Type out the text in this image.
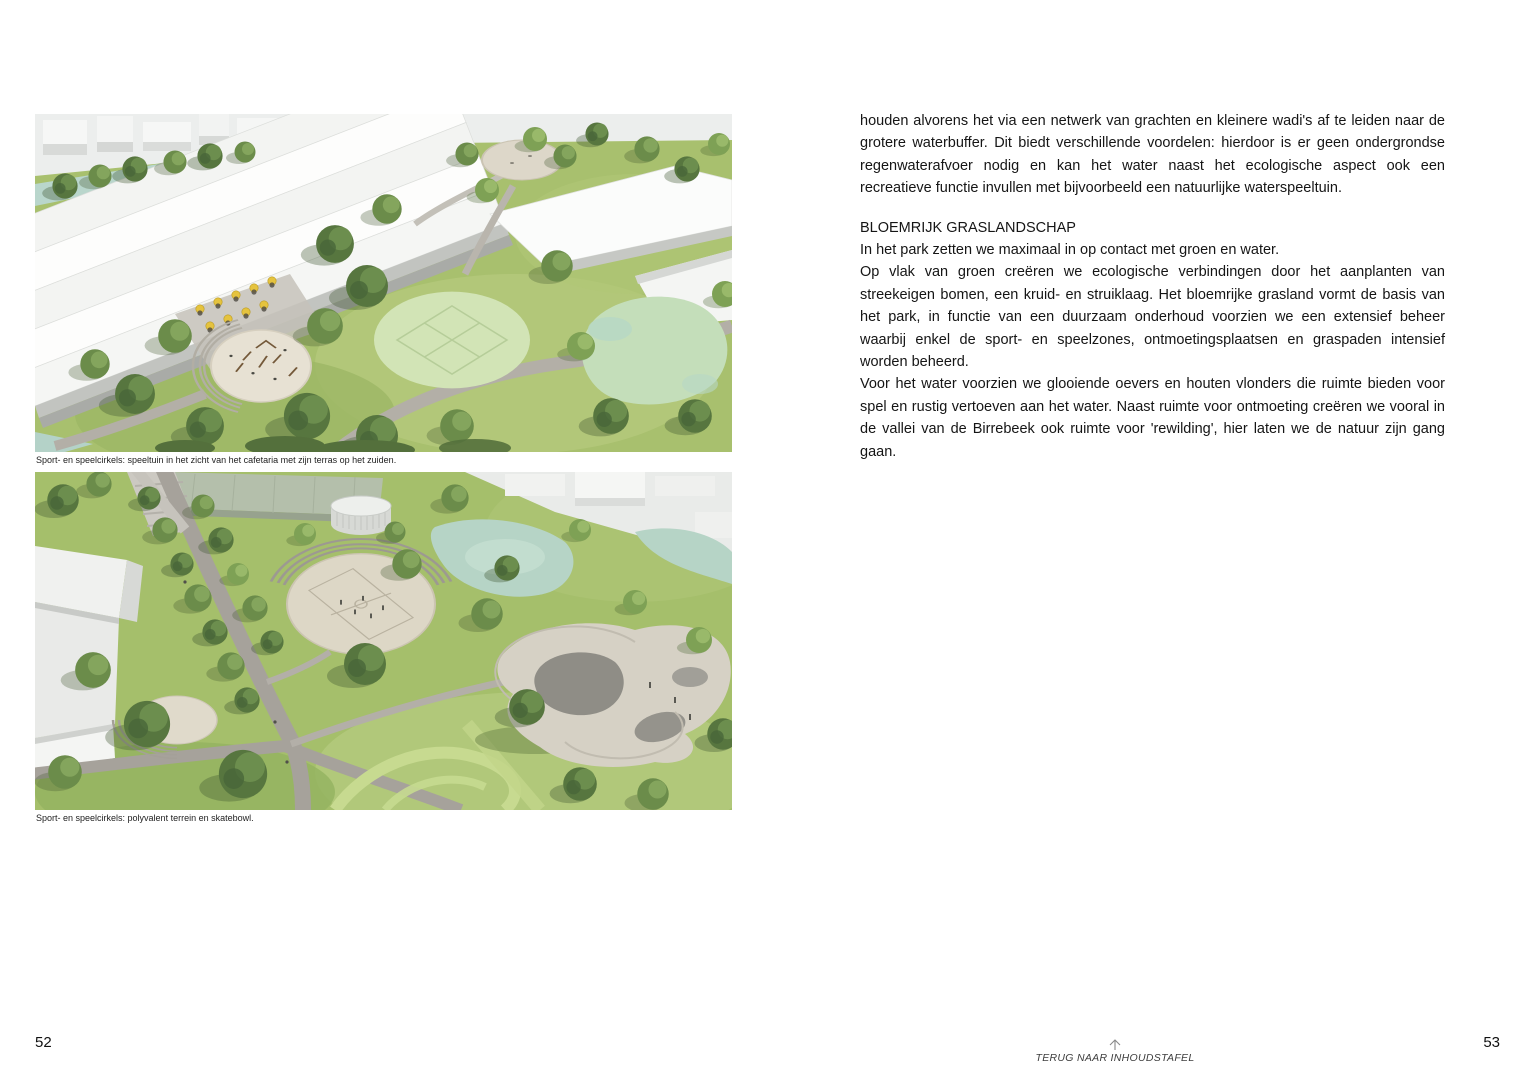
Sport- en speelcirkels: speeltuin in het zicht van het cafetaria met zijn terras op het zuiden.
Sport- en speelcirkels: polyvalent terrein en skatebowl.

houden alvorens het via een netwerk van grachten en kleinere wadi's af te leiden naar de grotere waterbuffer. Dit biedt verschillende voordelen: hierdoor is er geen ondergrondse regenwaterafvoer nodig en kan het water naast het ecologische aspect ook een recreatieve functie invullen met bijvoorbeeld een natuurlijke waterspeeltuin.

BLOEMRIJK GRASLANDSCHAP

In het park zetten we maximaal in op contact met groen en water.

Op vlak van groen creëren we ecologische verbindingen door het aanplanten van streekeigen bomen, een kruid- en struiklaag. Het bloemrijke grasland vormt de basis van het park, in functie van een duurzaam onderhoud voorzien we een extensief beheer waarbij enkel de sport- en speelzones, ontmoetingsplaatsen en graspaden intensief worden beheerd.

Voor het water voorzien we glooiende oevers en houten vlonders die ruimte bieden voor spel en rustig vertoeven aan het water. Naast ruimte voor ontmoeting creëren we vooral in de vallei van de Birrebeek ook ruimte voor 'rewilding', hier laten we de natuur zijn gang gaan.

52	53
TERUG NAAR INHOUDSTAFEL
